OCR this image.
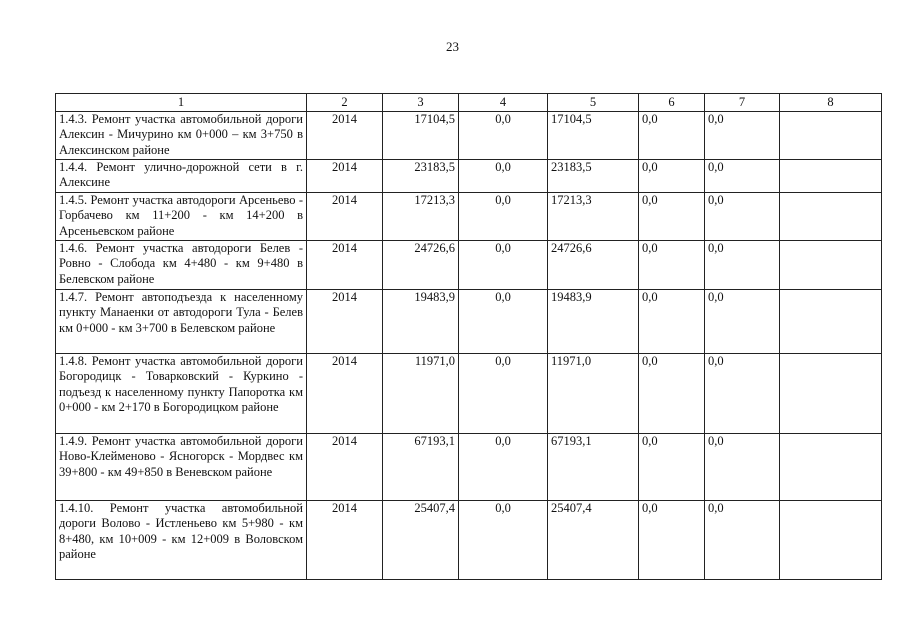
23
1	2	3	4	5	6	7	8
1.4.3. Ремонт участка автомобильной дороги Алексин - Мичурино км 0+000 – км 3+750 в Алексинском районе	2014	17104,5	0,0	17104,5	0,0	0,0	
1.4.4. Ремонт улично-дорожной сети в г. Алексине	2014	23183,5	0,0	23183,5	0,0	0,0	
1.4.5. Ремонт участка автодороги Арсеньево - Горбачево км 11+200 - км 14+200 в Арсеньевском районе	2014	17213,3	0,0	17213,3	0,0	0,0	
1.4.6. Ремонт участка автодороги Белев - Ровно - Слобода км 4+480 - км 9+480 в Белевском районе	2014	24726,6	0,0	24726,6	0,0	0,0	
1.4.7. Ремонт автоподъезда к населенному пункту Манаенки от автодороги Тула - Белев км 0+000 - км 3+700 в Белевском районе	2014	19483,9	0,0	19483,9	0,0	0,0	
1.4.8. Ремонт участка автомобильной дороги Богородицк - Товарковский - Куркино - подъезд к населенному пункту Папоротка км 0+000 - км 2+170 в Богородицком районе	2014	11971,0	0,0	11971,0	0,0	0,0	
1.4.9. Ремонт участка автомобильной дороги Ново-Клейменово - Ясногорск - Мордвес км 39+800 - км 49+850 в Веневском районе	2014	67193,1	0,0	67193,1	0,0	0,0	
1.4.10. Ремонт участка автомобильной дороги Волово - Истленьево км 5+980 - км 8+480, км 10+009 - км 12+009 в Воловском районе	2014	25407,4	0,0	25407,4	0,0	0,0	
